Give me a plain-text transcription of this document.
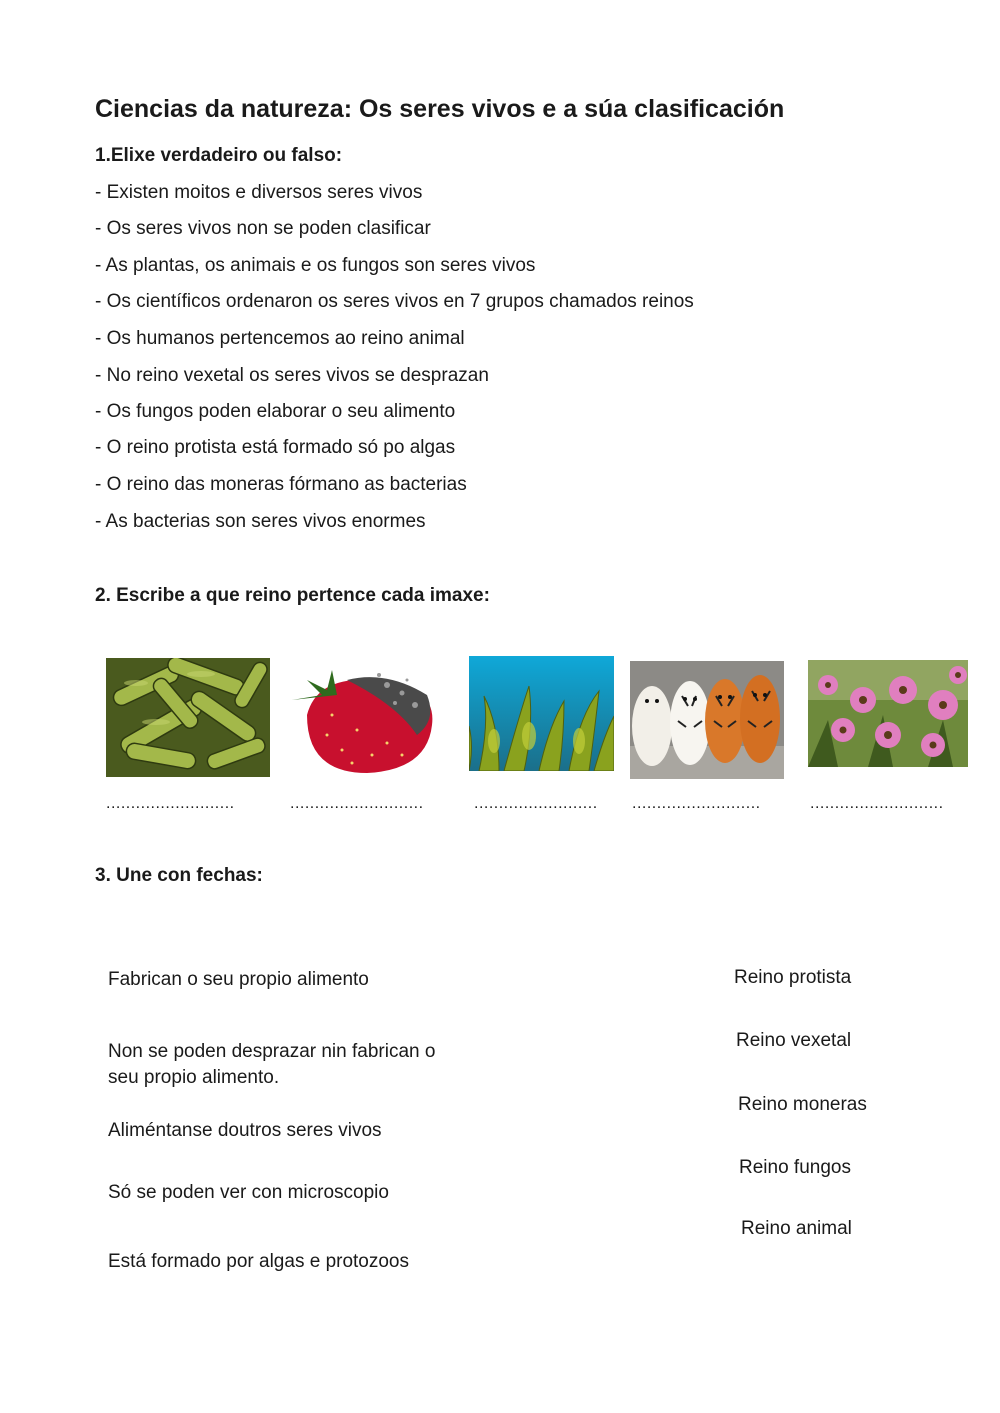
Ciencias da natureza: Os seres vivos e a súa clasificación
1.Elixe verdadeiro ou falso:
- Existen moitos e diversos seres vivos
- Os seres vivos non se poden clasificar
- As plantas, os animais e os fungos son seres vivos
- Os científicos ordenaron os seres vivos en 7 grupos chamados reinos
- Os humanos pertencemos ao reino animal
- No reino vexetal os seres vivos se desprazan
- Os fungos poden elaborar o seu alimento
- O reino protista está formado só po algas
- O reino das moneras fórmano as bacterias
- As bacterias son seres vivos enormes
2. Escribe a que reino pertence cada imaxe:
..........................	...........................	......................... ..........................	...........................
3. Une con fechas:
Fabrican o seu propio alimento
Non se poden desprazar nin fabrican o
seu propio alimento.
Aliméntanse doutros seres vivos
Só se poden ver con microscopio
Está formado por algas e protozoos
Reino protista
Reino vexetal
Reino moneras
Reino fungos
Reino animal
